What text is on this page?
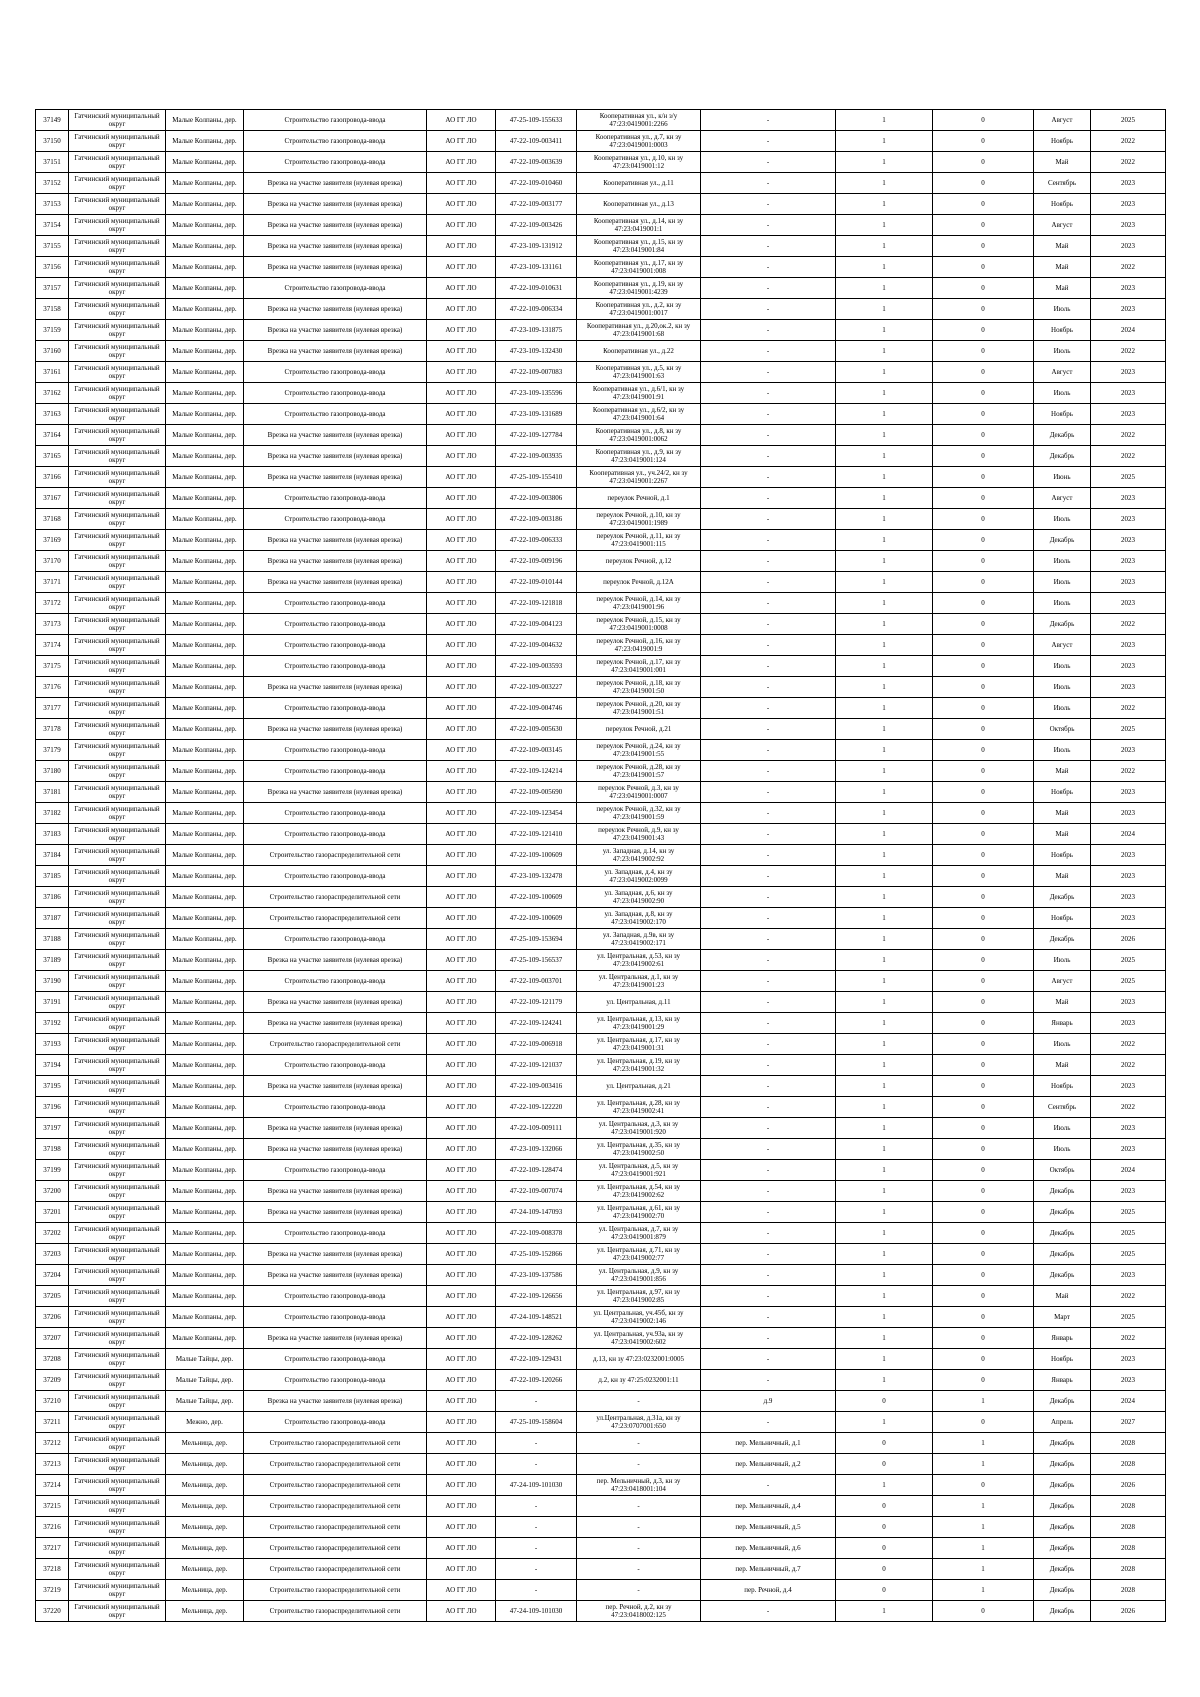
37149	Гатчинский муниципальный округ	Малые Колпаны, дер.	Строительство газопровода-ввода	АО ГГ ЛО	47-25-109-155633	Кооперативная ул., к/н з/у 47:23:0419001:2266	-	1	0	Август	2025
37150	Гатчинский муниципальный округ	Малые Колпаны, дер.	Строительство газопровода-ввода	АО ГГ ЛО	47-22-109-003411	Кооперативная ул., д.7, кн зу 47:23:0419001:0003	-	1	0	Ноябрь	2022
37151	Гатчинский муниципальный округ	Малые Колпаны, дер.	Строительство газопровода-ввода	АО ГГ ЛО	47-22-109-003639	Кооперативная ул., д.10, кн зу 47:23:0419001:12	-	1	0	Май	2022
37152	Гатчинский муниципальный округ	Малые Колпаны, дер.	Врезка на участке заявителя (нулевая врезка)	АО ГГ ЛО	47-22-109-010460	Кооперативная ул., д.11	-	1	0	Сентябрь	2023
37153	Гатчинский муниципальный округ	Малые Колпаны, дер.	Врезка на участке заявителя (нулевая врезка)	АО ГГ ЛО	47-22-109-003177	Кооперативная ул., д.13	-	1	0	Ноябрь	2023
37154	Гатчинский муниципальный округ	Малые Колпаны, дер.	Врезка на участке заявителя (нулевая врезка)	АО ГГ ЛО	47-22-109-003426	Кооперативная ул., д.14, кн зу 47:23:0419001:1	-	1	0	Август	2023
37155	Гатчинский муниципальный округ	Малые Колпаны, дер.	Врезка на участке заявителя (нулевая врезка)	АО ГГ ЛО	47-23-109-131912	Кооперативная ул., д.15, кн зу 47:23:0419001:84	-	1	0	Май	2023
37156	Гатчинский муниципальный округ	Малые Колпаны, дер.	Врезка на участке заявителя (нулевая врезка)	АО ГГ ЛО	47-23-109-131161	Кооперативная ул., д.17, кн зу 47:23:0419001:008	-	1	0	Май	2022
37157	Гатчинский муниципальный округ	Малые Колпаны, дер.	Строительство газопровода-ввода	АО ГГ ЛО	47-22-109-010631	Кооперативная ул., д.19, кн зу 47:23:0419001:4239	-	1	0	Май	2023
37158	Гатчинский муниципальный округ	Малые Колпаны, дер.	Врезка на участке заявителя (нулевая врезка)	АО ГГ ЛО	47-22-109-006334	Кооперативная ул., д.2, кн зу 47:23:0419001:0017	-	1	0	Июль	2023
37159	Гатчинский муниципальный округ	Малые Колпаны, дер.	Врезка на участке заявителя (нулевая врезка)	АО ГГ ЛО	47-23-109-131875	Кооперативная ул., д.20,ок.2, кн зу 47:23:0419001:68	-	1	0	Ноябрь	2024
37160	Гатчинский муниципальный округ	Малые Колпаны, дер.	Врезка на участке заявителя (нулевая врезка)	АО ГГ ЛО	47-23-109-132430	Кооперативная ул., д.22	-	1	0	Июль	2022
37161	Гатчинский муниципальный округ	Малые Колпаны, дер.	Строительство газопровода-ввода	АО ГГ ЛО	47-22-109-007083	Кооперативная ул., д.5, кн зу 47:23:0419001:63	-	1	0	Август	2023
37162	Гатчинский муниципальный округ	Малые Колпаны, дер.	Строительство газопровода-ввода	АО ГГ ЛО	47-23-109-135596	Кооперативная ул., д.6/1, кн зу 47:23:0419001:91	-	1	0	Июль	2023
37163	Гатчинский муниципальный округ	Малые Колпаны, дер.	Строительство газопровода-ввода	АО ГГ ЛО	47-23-109-131689	Кооперативная ул., д.6/2, кн зу 47:23:0419001:64	-	1	0	Ноябрь	2023
37164	Гатчинский муниципальный округ	Малые Колпаны, дер.	Врезка на участке заявителя (нулевая врезка)	АО ГГ ЛО	47-22-109-127784	Кооперативная ул., д.8, кн зу 47:23:0419001:0062	-	1	0	Декабрь	2022
37165	Гатчинский муниципальный округ	Малые Колпаны, дер.	Врезка на участке заявителя (нулевая врезка)	АО ГГ ЛО	47-22-109-003935	Кооперативная ул., д.9, кн зу 47:23:0419001:124	-	1	0	Декабрь	2022
37166	Гатчинский муниципальный округ	Малые Колпаны, дер.	Врезка на участке заявителя (нулевая врезка)	АО ГГ ЛО	47-25-109-155410	Кооперативная ул., уч.24/2, кн зу 47:23:0419001:2267	-	1	0	Июнь	2025
37167	Гатчинский муниципальный округ	Малые Колпаны, дер.	Строительство газопровода-ввода	АО ГГ ЛО	47-22-109-003806	переулок Речной, д.1	-	1	0	Август	2023
37168	Гатчинский муниципальный округ	Малые Колпаны, дер.	Строительство газопровода-ввода	АО ГГ ЛО	47-22-109-003186	переулок Речной, д.10, кн зу 47:23:0419001:1989	-	1	0	Июль	2023
37169	Гатчинский муниципальный округ	Малые Колпаны, дер.	Врезка на участке заявителя (нулевая врезка)	АО ГГ ЛО	47-22-109-006333	переулок Речной, д.11, кн зу 47:23:0419001:115	-	1	0	Декабрь	2023
37170	Гатчинский муниципальный округ	Малые Колпаны, дер.	Врезка на участке заявителя (нулевая врезка)	АО ГГ ЛО	47-22-109-009196	переулок Речной, д.12	-	1	0	Июль	2023
37171	Гатчинский муниципальный округ	Малые Колпаны, дер.	Врезка на участке заявителя (нулевая врезка)	АО ГГ ЛО	47-22-109-010144	переулок Речной, д.12А	-	1	0	Июль	2023
37172	Гатчинский муниципальный округ	Малые Колпаны, дер.	Строительство газопровода-ввода	АО ГГ ЛО	47-22-109-121818	переулок Речной, д.14, кн зу 47:23:0419001:96	-	1	0	Июль	2023
37173	Гатчинский муниципальный округ	Малые Колпаны, дер.	Строительство газопровода-ввода	АО ГГ ЛО	47-22-109-004123	переулок Речной, д.15, кн зу 47:23:0419001:0008	-	1	0	Декабрь	2022
37174	Гатчинский муниципальный округ	Малые Колпаны, дер.	Строительство газопровода-ввода	АО ГГ ЛО	47-22-109-004632	переулок Речной, д.16, кн зу 47:23:0419001:9	-	1	0	Август	2023
37175	Гатчинский муниципальный округ	Малые Колпаны, дер.	Строительство газопровода-ввода	АО ГГ ЛО	47-22-109-003593	переулок Речной, д.17, кн зу 47:23:0419001:001	-	1	0	Июль	2023
37176	Гатчинский муниципальный округ	Малые Колпаны, дер.	Врезка на участке заявителя (нулевая врезка)	АО ГГ ЛО	47-22-109-003227	переулок Речной, д.18, кн зу 47:23:0419001:50	-	1	0	Июль	2023
37177	Гатчинский муниципальный округ	Малые Колпаны, дер.	Строительство газопровода-ввода	АО ГГ ЛО	47-22-109-004746	переулок Речной, д.20, кн зу 47:23:0419001:51	-	1	0	Июль	2022
37178	Гатчинский муниципальный округ	Малые Колпаны, дер.	Врезка на участке заявителя (нулевая врезка)	АО ГГ ЛО	47-22-109-005630	переулок Речной, д.21	-	1	0	Октябрь	2025
37179	Гатчинский муниципальный округ	Малые Колпаны, дер.	Строительство газопровода-ввода	АО ГГ ЛО	47-22-109-003145	переулок Речной, д.24, кн зу 47:23:0419001:55	-	1	0	Июль	2023
37180	Гатчинский муниципальный округ	Малые Колпаны, дер.	Строительство газопровода-ввода	АО ГГ ЛО	47-22-109-124214	переулок Речной, д.28, кн зу 47:23:0419001:57	-	1	0	Май	2022
37181	Гатчинский муниципальный округ	Малые Колпаны, дер.	Врезка на участке заявителя (нулевая врезка)	АО ГГ ЛО	47-22-109-005690	переулок Речной, д.3, кн зу 47:23:0419001:0007	-	1	0	Ноябрь	2023
37182	Гатчинский муниципальный округ	Малые Колпаны, дер.	Строительство газопровода-ввода	АО ГГ ЛО	47-22-109-123454	переулок Речной, д.32, кн зу 47:23:0419001:59	-	1	0	Май	2023
37183	Гатчинский муниципальный округ	Малые Колпаны, дер.	Строительство газопровода-ввода	АО ГГ ЛО	47-22-109-121410	переулок Речной, д.9, кн зу 47:23:0419001:43	-	1	0	Май	2024
37184	Гатчинский муниципальный округ	Малые Колпаны, дер.	Строительство газораспределительной сети	АО ГГ ЛО	47-22-109-100609	ул. Западная, д.14, кн зу 47:23:0419002:92	-	1	0	Ноябрь	2023
37185	Гатчинский муниципальный округ	Малые Колпаны, дер.	Строительство газопровода-ввода	АО ГГ ЛО	47-23-109-132478	ул. Западная, д.4, кн зу 47:23:0419002:0099	-	1	0	Май	2023
37186	Гатчинский муниципальный округ	Малые Колпаны, дер.	Строительство газораспределительной сети	АО ГГ ЛО	47-22-109-100609	ул. Западная, д.6, кн зу 47:23:0419002:90	-	1	0	Декабрь	2023
37187	Гатчинский муниципальный округ	Малые Колпаны, дер.	Строительство газораспределительной сети	АО ГГ ЛО	47-22-109-100609	ул. Западная, д.8, кн зу 47:23:0419002:170	-	1	0	Ноябрь	2023
37188	Гатчинский муниципальный округ	Малые Колпаны, дер.	Строительство газопровода-ввода	АО ГГ ЛО	47-25-109-153694	ул. Западная, д.9в, кн зу 47:23:0419002:171	-	1	0	Декабрь	2026
37189	Гатчинский муниципальный округ	Малые Колпаны, дер.	Врезка на участке заявителя (нулевая врезка)	АО ГГ ЛО	47-25-109-156537	ул. Центральная, д.53, кн зу 47:23:0419002:61	-	1	0	Июль	2025
37190	Гатчинский муниципальный округ	Малые Колпаны, дер.	Строительство газопровода-ввода	АО ГГ ЛО	47-22-109-003701	ул. Центральная, д.1, кн зу 47:23:0419001:23	-	1	0	Август	2025
37191	Гатчинский муниципальный округ	Малые Колпаны, дер.	Врезка на участке заявителя (нулевая врезка)	АО ГГ ЛО	47-22-109-121179	ул. Центральная, д.11	-	1	0	Май	2023
37192	Гатчинский муниципальный округ	Малые Колпаны, дер.	Врезка на участке заявителя (нулевая врезка)	АО ГГ ЛО	47-22-109-124241	ул. Центральная, д.13, кн зу 47:23:0419001:29	-	1	0	Январь	2023
37193	Гатчинский муниципальный округ	Малые Колпаны, дер.	Строительство газораспределительной сети	АО ГГ ЛО	47-22-109-006918	ул. Центральная, д.17, кн зу 47:23:0419001:31	-	1	0	Июль	2022
37194	Гатчинский муниципальный округ	Малые Колпаны, дер.	Строительство газопровода-ввода	АО ГГ ЛО	47-22-109-121037	ул. Центральная, д.19, кн зу 47:23:0419001:32	-	1	0	Май	2022
37195	Гатчинский муниципальный округ	Малые Колпаны, дер.	Врезка на участке заявителя (нулевая врезка)	АО ГГ ЛО	47-22-109-003416	ул. Центральная, д.21	-	1	0	Ноябрь	2023
37196	Гатчинский муниципальный округ	Малые Колпаны, дер.	Строительство газопровода-ввода	АО ГГ ЛО	47-22-109-122220	ул. Центральная, д.28, кн зу 47:23:0419002:41	-	1	0	Сентябрь	2022
37197	Гатчинский муниципальный округ	Малые Колпаны, дер.	Врезка на участке заявителя (нулевая врезка)	АО ГГ ЛО	47-22-109-009111	ул. Центральная, д.3, кн зу 47:23:0419001:920	-	1	0	Июль	2023
37198	Гатчинский муниципальный округ	Малые Колпаны, дер.	Врезка на участке заявителя (нулевая врезка)	АО ГГ ЛО	47-23-109-132066	ул. Центральная, д.35, кн зу 47:23:0419002:50	-	1	0	Июль	2023
37199	Гатчинский муниципальный округ	Малые Колпаны, дер.	Строительство газопровода-ввода	АО ГГ ЛО	47-22-109-128474	ул. Центральная, д.5, кн зу 47:23:0419001:921	-	1	0	Октябрь	2024
37200	Гатчинский муниципальный округ	Малые Колпаны, дер.	Врезка на участке заявителя (нулевая врезка)	АО ГГ ЛО	47-22-109-007074	ул. Центральная, д.54, кн зу 47:23:0419002:62	-	1	0	Декабрь	2023
37201	Гатчинский муниципальный округ	Малые Колпаны, дер.	Врезка на участке заявителя (нулевая врезка)	АО ГГ ЛО	47-24-109-147093	ул. Центральная, д.61, кн зу 47:23:0419002:70	-	1	0	Декабрь	2025
37202	Гатчинский муниципальный округ	Малые Колпаны, дер.	Строительство газопровода-ввода	АО ГГ ЛО	47-22-109-008378	ул. Центральная, д.7, кн зу 47:23:0419001:879	-	1	0	Декабрь	2025
37203	Гатчинский муниципальный округ	Малые Колпаны, дер.	Врезка на участке заявителя (нулевая врезка)	АО ГГ ЛО	47-25-109-152866	ул. Центральная, д.71, кн зу 47:23:0419002:77	-	1	0	Декабрь	2025
37204	Гатчинский муниципальный округ	Малые Колпаны, дер.	Врезка на участке заявителя (нулевая врезка)	АО ГГ ЛО	47-23-109-137586	ул. Центральная, д.9, кн зу 47:23:0419001:856	-	1	0	Декабрь	2023
37205	Гатчинский муниципальный округ	Малые Колпаны, дер.	Строительство газопровода-ввода	АО ГГ ЛО	47-22-109-126656	ул. Центральная, д.97, кн зу 47:23:0419002:85	-	1	0	Май	2022
37206	Гатчинский муниципальный округ	Малые Колпаны, дер.	Строительство газопровода-ввода	АО ГГ ЛО	47-24-109-148521	ул. Центральная, уч.45б, кн зу 47:23:0419002:146	-	1	0	Март	2025
37207	Гатчинский муниципальный округ	Малые Колпаны, дер.	Врезка на участке заявителя (нулевая врезка)	АО ГГ ЛО	47-22-109-128262	ул. Центральная, уч.93а, кн зу 47:23:0419002:602	-	1	0	Январь	2022
37208	Гатчинский муниципальный округ	Малые Тайцы, дер.	Строительство газопровода-ввода	АО ГГ ЛО	47-22-109-129431	д.13, кн зу 47:23:0232001:0005	-	1	0	Ноябрь	2023
37209	Гатчинский муниципальный округ	Малые Тайцы, дер.	Строительство газопровода-ввода	АО ГГ ЛО	47-22-109-120266	д.2, кн зу 47:25:0232001:11	-	1	0	Январь	2023
37210	Гатчинский муниципальный округ	Малые Тайцы, дер.	Врезка на участке заявителя (нулевая врезка)	АО ГГ ЛО	-	-	д.9	0	1	Декабрь	2024
37211	Гатчинский муниципальный округ	Межно, дер.	Строительство газопровода-ввода	АО ГГ ЛО	47-25-109-158604	ул.Центральная, д.31а, кн зу 47:23:0707001:650	-	1	0	Апрель	2027
37212	Гатчинский муниципальный округ	Мельница, дер.	Строительство газораспределительной сети	АО ГГ ЛО	-	-	пер. Мельничный, д.1	0	1	Декабрь	2028
37213	Гатчинский муниципальный округ	Мельница, дер.	Строительство газораспределительной сети	АО ГГ ЛО	-	-	пер. Мельничный, д.2	0	1	Декабрь	2028
37214	Гатчинский муниципальный округ	Мельница, дер.	Строительство газораспределительной сети	АО ГГ ЛО	47-24-109-101030	пер. Мельничный, д.3, кн зу 47:23:0418001:104	-	1	0	Декабрь	2026
37215	Гатчинский муниципальный округ	Мельница, дер.	Строительство газораспределительной сети	АО ГГ ЛО	-	-	пер. Мельничный, д.4	0	1	Декабрь	2028
37216	Гатчинский муниципальный округ	Мельница, дер.	Строительство газораспределительной сети	АО ГГ ЛО	-	-	пер. Мельничный, д.5	0	1	Декабрь	2028
37217	Гатчинский муниципальный округ	Мельница, дер.	Строительство газораспределительной сети	АО ГГ ЛО	-	-	пер. Мельничный, д.6	0	1	Декабрь	2028
37218	Гатчинский муниципальный округ	Мельница, дер.	Строительство газораспределительной сети	АО ГГ ЛО	-	-	пер. Мельничный, д.7	0	1	Декабрь	2028
37219	Гатчинский муниципальный округ	Мельница, дер.	Строительство газораспределительной сети	АО ГГ ЛО	-	-	пер. Речной, д.4	0	1	Декабрь	2028
37220	Гатчинский муниципальный округ	Мельница, дер.	Строительство газораспределительной сети	АО ГГ ЛО	47-24-109-101030	пер. Речной, д.2, кн зу 47:23:0418002:125	-	1	0	Декабрь	2026
